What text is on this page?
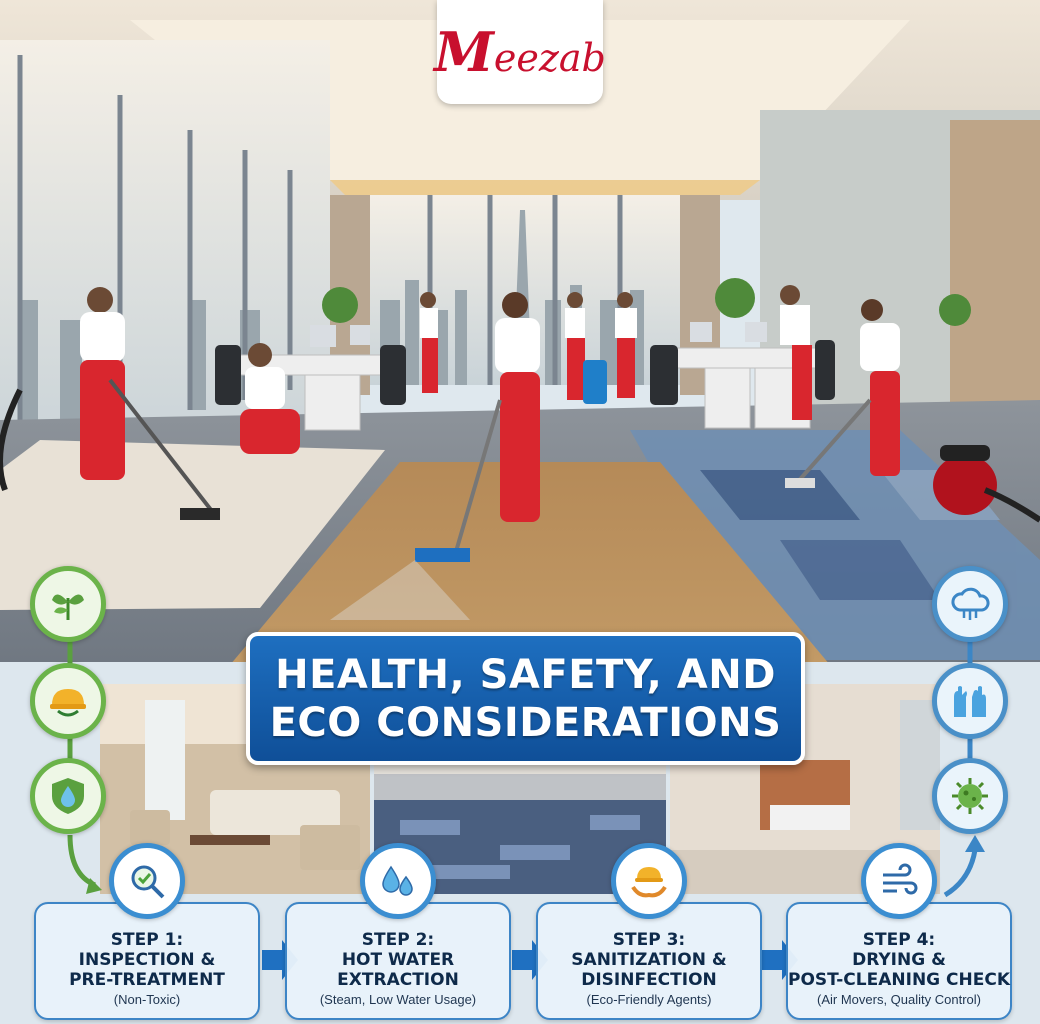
Meezab
HEALTH, SAFETY, AND
ECO CONSIDERATIONS
STEP 1:
INSPECTION &
PRE-TREATMENT
(Non-Toxic)
STEP 2:
HOT WATER
EXTRACTION
(Steam, Low Water Usage)
STEP 3:
SANITIZATION &
DISINFECTION
(Eco-Friendly Agents)
STEP 4:
DRYING &
POST-CLEANING CHECK
(Air Movers, Quality Control)
